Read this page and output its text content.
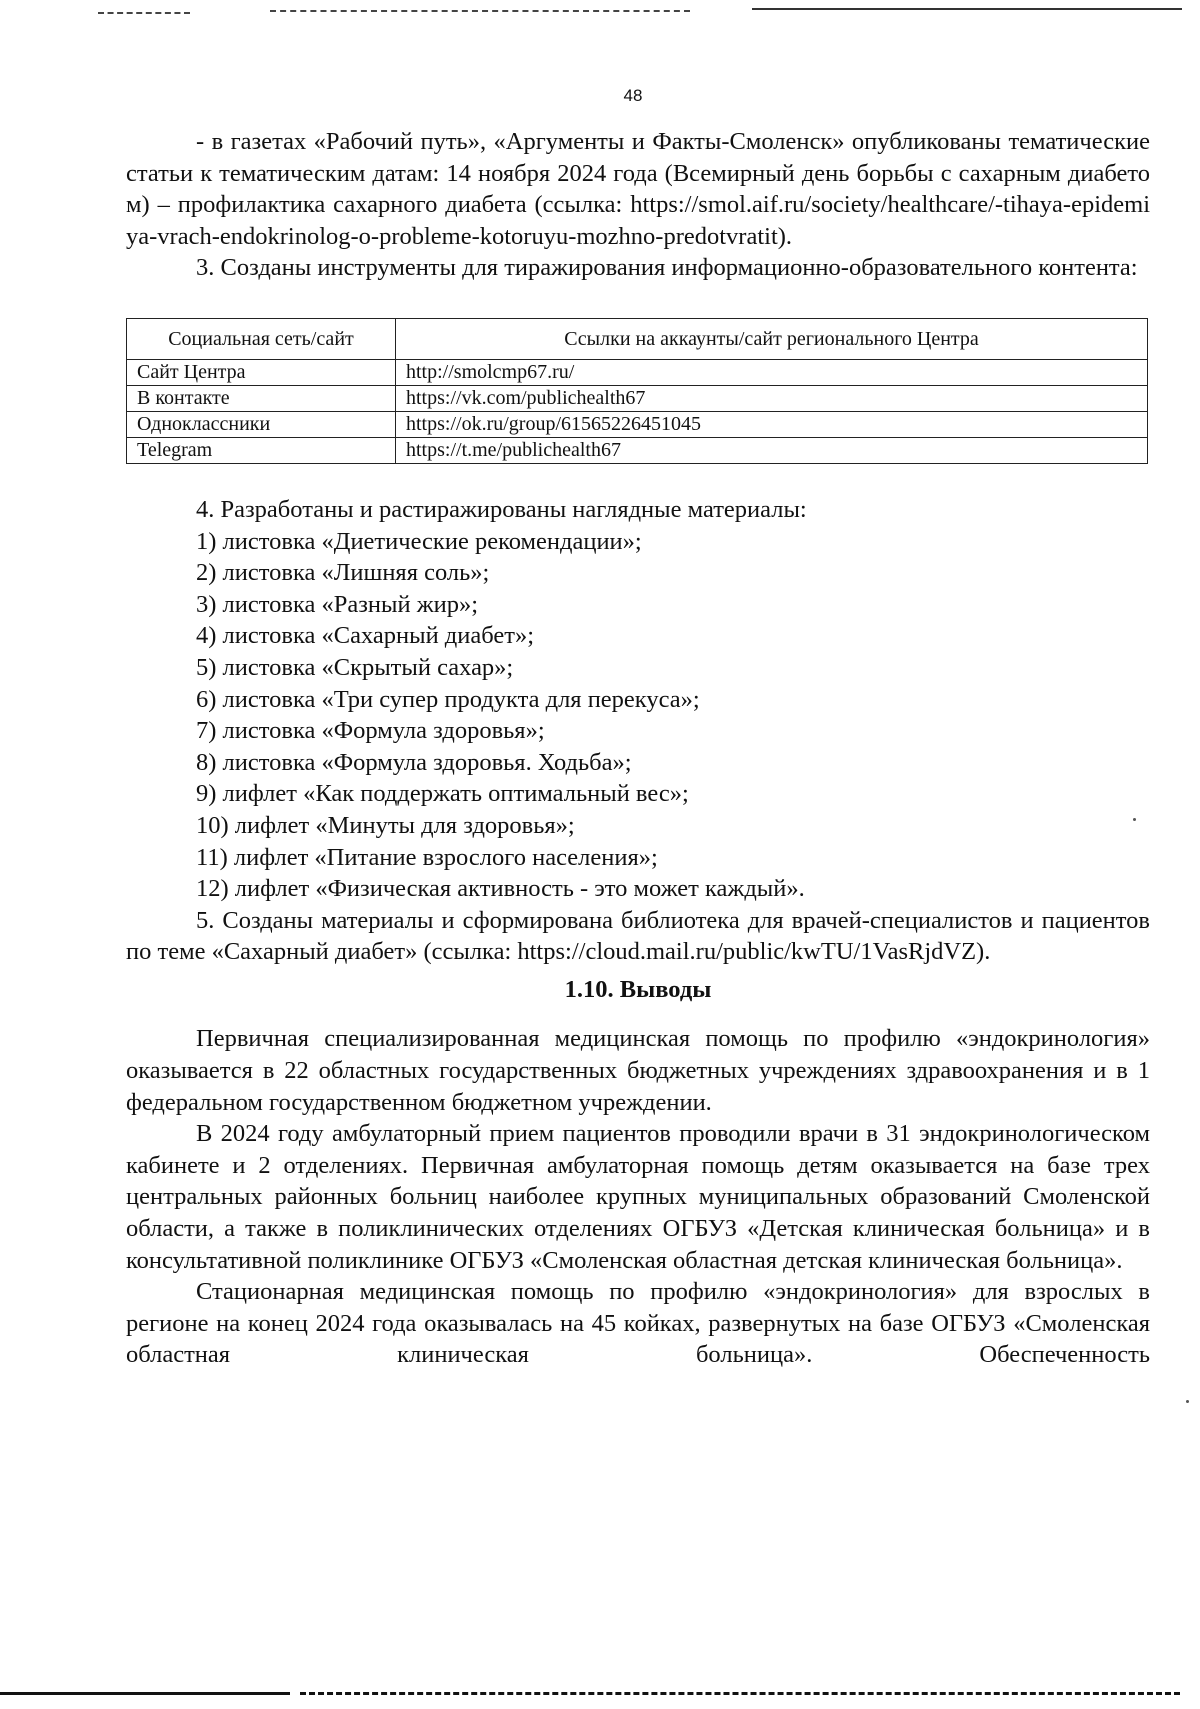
48

- в газетах «Рабочий путь», «Аргументы и Факты-Смоленск» опубликованы тематические статьи к тематическим датам: 14 ноября 2024 года (Всемирный день борьбы с сахарным диабетом) – профилактика сахарного диабета (ссылка: https://smol.aif.ru/society/healthcare/-tihaya-epidemiya-vrach-endokrinolog-o-probleme-kotoruyu-mozhno-predotvratit).

3. Созданы инструменты для тиражирования информационно-образовательного контента:

Социальная сеть/сайт	Ссылки на аккаунты/сайт регионального Центра
Сайт Центра	http://smolcmp67.ru/
В контакте	https://vk.com/publichealth67
Одноклассники	https://ok.ru/group/61565226451045
Telegram	https://t.me/publichealth67

4. Разработаны и растиражированы наглядные материалы:

1) листовка «Диетические рекомендации»;

2) листовка «Лишняя соль»;

3) листовка «Разный жир»;

4) листовка «Сахарный диабет»;

5) листовка «Скрытый сахар»;

6) листовка «Три супер продукта для перекуса»;

7) листовка «Формула здоровья»;

8) листовка «Формула здоровья. Ходьба»;

9) лифлет «Как поддержать оптимальный вес»;

10) лифлет «Минуты для здоровья»;

11) лифлет «Питание взрослого населения»;

12) лифлет «Физическая активность - это может каждый».

5. Созданы материалы и сформирована библиотека для врачей-специалистов и пациентов по теме «Сахарный диабет» (ссылка: https://cloud.mail.ru/public/kwTU/1VasRjdVZ).

1.10. Выводы

Первичная специализированная медицинская помощь по профилю «эндокринология» оказывается в 22 областных государственных бюджетных учреждениях здравоохранения и в 1 федеральном государственном бюджетном учреждении.

В 2024 году амбулаторный прием пациентов проводили врачи в 31 эндокринологическом кабинете и 2 отделениях. Первичная амбулаторная помощь детям оказывается на базе трех центральных районных больниц наиболее крупных муниципальных образований Смоленской области, а также в поликлинических отделениях ОГБУЗ «Детская клиническая больница» и в консультативной поликлинике ОГБУЗ «Смоленская областная детская клиническая больница».

Стационарная медицинская помощь по профилю «эндокринология» для взрослых в регионе на конец 2024 года оказывалась на 45 койках, развернутых на базе ОГБУЗ «Смоленская областная клиническая больница». Обеспеченность
